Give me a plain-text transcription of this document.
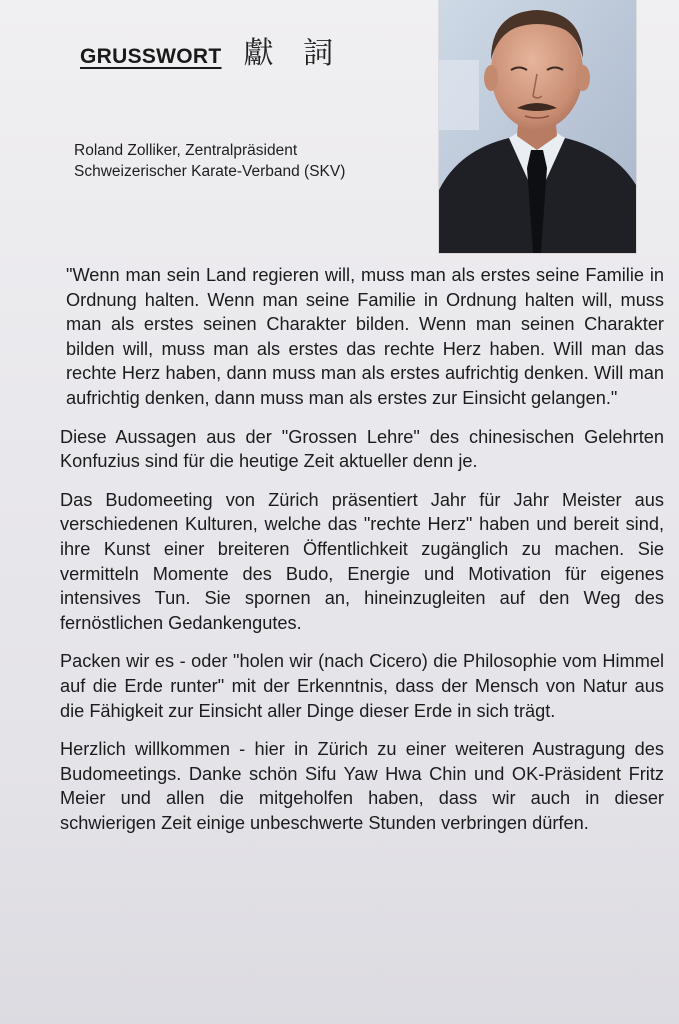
GRUSSWORT 獻 詞
Roland Zolliker, Zentralpräsident
Schweizerischer Karate-Verband (SKV)

"Wenn man sein Land regieren will, muss man als erstes seine Familie in Ordnung halten. Wenn man seine Familie in Ordnung halten will, muss man als erstes seinen Charakter bilden. Wenn man seinen Charakter bilden will, muss man als erstes das rechte Herz haben. Will man das rechte Herz haben, dann muss man als erstes aufrichtig denken. Will man aufrichtig denken, dann muss man als erstes zur Einsicht gelangen."

Diese Aussagen aus der "Grossen Lehre" des chinesischen Gelehrten Konfuzius sind für die heutige Zeit aktueller denn je.

Das Budomeeting von Zürich präsentiert Jahr für Jahr Meister aus verschiedenen Kulturen, welche das "rechte Herz" haben und bereit sind, ihre Kunst einer breiteren Öffentlichkeit zugänglich zu machen. Sie vermitteln Momente des Budo, Energie und Motivation für eigenes intensives Tun. Sie spornen an, hineinzugleiten auf den Weg des fernöstlichen Gedankengutes.

Packen wir es - oder "holen wir (nach Cicero) die Philosophie vom Himmel auf die Erde runter" mit der Erkenntnis, dass der Mensch von Natur aus die Fähigkeit zur Einsicht aller Dinge dieser Erde in sich trägt.

Herzlich willkommen - hier in Zürich zu einer weiteren Austragung des Budomeetings. Danke schön Sifu Yaw Hwa Chin und OK-Präsident Fritz Meier und allen die mitgeholfen haben, dass wir auch in dieser schwierigen Zeit einige unbeschwerte Stunden verbringen dürfen.
